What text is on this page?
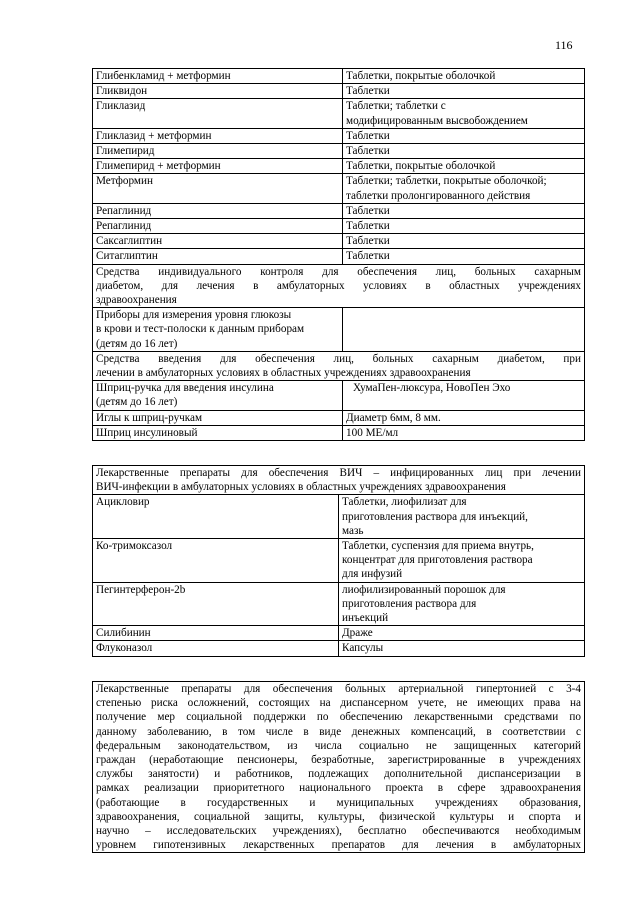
116
Глибенкламид + метформин	Таблетки, покрытые оболочкой

Гликвидон	Таблетки

Гликлазид	Таблетки; таблетки с
модифицированным высвобождением

Гликлазид + метформин	Таблетки

Глимепирид	Таблетки

Глимепирид + метформин	Таблетки, покрытые оболочкой

Метформин	Таблетки; таблетки, покрытые оболочкой;
таблетки пролонгированного действия

Репаглинид	Таблетки

Репаглинид	Таблетки

Саксаглиптин	Таблетки

Ситаглиптин	Таблетки

Средства индивидуального контроля для обеспечения лиц, больных сахарным
диабетом, для лечения в амбулаторных условиях в областных учреждениях
здравоохранения	

Приборы для измерения уровня глюкозы
в крови и тест-полоски к данным приборам
(детям до 16 лет)	

Средства введения для обеспечения лиц, больных сахарным диабетом, при
лечении в амбулаторных условиях в областных учреждениях здравоохранения	

Шприц-ручка для введения инсулина
(детям до 16 лет)	ХумаПен-люксура, НовоПен Эхо

Иглы к шприц-ручкам	Диаметр 6мм, 8 мм.

Шприц инсулиновый	100 МЕ/мл
Лекарственные препараты для обеспечения ВИЧ – инфицированных лиц при лечении
ВИЧ-инфекции в амбулаторных условиях в областных учреждениях здравоохранения	

Ацикловир	Таблетки, лиофилизат для
приготовления раствора для инъекций,
мазь

Ко-тримоксазол	Таблетки, суспензия для приема внутрь,
концентрат для приготовления раствора
для инфузий

Пегинтерферон-2b	лиофилизированный порошок для
приготовления раствора для
инъекций

Силибинин	Драже

Флуконазол	Капсулы
Лекарственные препараты для обеспечения больных артериальной гипертонией с 3-4
степенью риска осложнений, состоящих на диспансерном учете, не имеющих права на
получение мер социальной поддержки по обеспечению лекарственными средствами по
данному заболеванию, в том числе в виде денежных компенсаций, в соответствии с
федеральным законодательством, из числа социально не защищенных категорий
граждан (неработающие пенсионеры, безработные, зарегистрированные в учреждениях
службы занятости) и работников, подлежащих дополнительной диспансеризации в
рамках реализации приоритетного национального проекта в сфере здравоохранения
(работающие в государственных и муниципальных учреждениях образования,
здравоохранения, социальной защиты, культуры, физической культуры и спорта и
научно – исследовательских учреждениях), бесплатно обеспечиваются необходимым
уровнем гипотензивных лекарственных препаратов для лечения в амбулаторных
